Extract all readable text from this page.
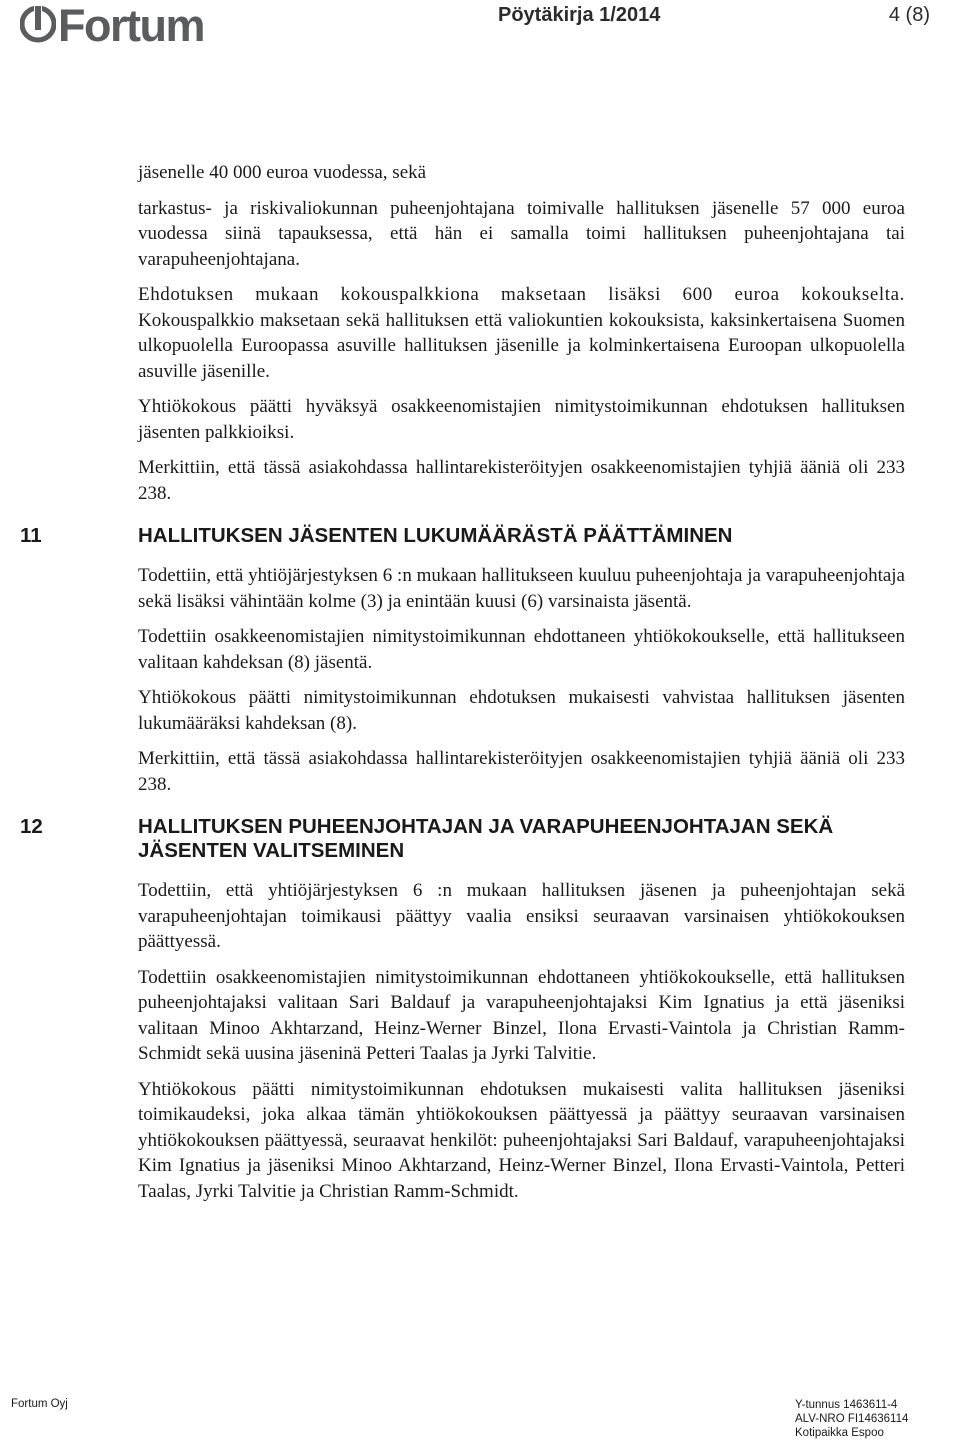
Fortum	Pöytäkirja 1/2014	4 (8)

jäsenelle 40 000 euroa vuodessa, sekä

tarkastus- ja riskivaliokunnan puheenjohtajana toimivalle hallituksen jäsenelle 57 000 euroa vuodessa siinä tapauksessa, että hän ei samalla toimi hallituksen puheenjohtajana tai varapuheenjohtajana.

Ehdotuksen mukaan kokouspalkkiona maksetaan lisäksi 600 euroa kokoukselta. Kokouspalkkio maksetaan sekä hallituksen että valiokuntien kokouksista, kaksinkertaisena Suomen ulkopuolella Euroopassa asuville hallituksen jäsenille ja kolminkertaisena Euroopan ulkopuolella asuville jäsenille.

Yhtiökokous päätti hyväksyä osakkeenomistajien nimitystoimikunnan ehdotuksen hallituksen jäsenten palkkioiksi.

Merkittiin, että tässä asiakohdassa hallintarekisteröityjen osakkeenomistajien tyhjiä ääniä oli 233 238.

11	HALLITUKSEN JÄSENTEN LUKUMÄÄRÄSTÄ PÄÄTTÄMINEN

Todettiin, että yhtiöjärjestyksen 6 :n mukaan hallitukseen kuuluu puheenjohtaja ja varapuheenjohtaja sekä lisäksi vähintään kolme (3) ja enintään kuusi (6) varsinaista jäsentä.

Todettiin osakkeenomistajien nimitystoimikunnan ehdottaneen yhtiökokoukselle, että hallitukseen valitaan kahdeksan (8) jäsentä.

Yhtiökokous päätti nimitystoimikunnan ehdotuksen mukaisesti vahvistaa hallituksen jäsenten lukumääräksi kahdeksan (8).

Merkittiin, että tässä asiakohdassa hallintarekisteröityjen osakkeenomistajien tyhjiä ääniä oli 233 238.

12	HALLITUKSEN PUHEENJOHTAJAN JA VARAPUHEENJOHTAJAN SEKÄ JÄSENTEN VALITSEMINEN

Todettiin, että yhtiöjärjestyksen 6 :n mukaan hallituksen jäsenen ja puheenjohtajan sekä varapuheenjohtajan toimikausi päättyy vaalia ensiksi seuraavan varsinaisen yhtiökokouksen päättyessä.

Todettiin osakkeenomistajien nimitystoimikunnan ehdottaneen yhtiökokoukselle, että hallituksen puheenjohtajaksi valitaan Sari Baldauf ja varapuheenjohtajaksi Kim Ignatius ja että jäseniksi valitaan Minoo Akhtarzand, Heinz-Werner Binzel, Ilona Ervasti-Vaintola ja Christian Ramm-Schmidt sekä uusina jäseninä Petteri Taalas ja Jyrki Talvitie.

Yhtiökokous päätti nimitystoimikunnan ehdotuksen mukaisesti valita hallituksen jäseniksi toimikaudeksi, joka alkaa tämän yhtiökokouksen päättyessä ja päättyy seuraavan varsinaisen yhtiökokouksen päättyessä, seuraavat henkilöt: puheenjohtajaksi Sari Baldauf, varapuheenjohtajaksi Kim Ignatius ja jäseniksi Minoo Akhtarzand, Heinz-Werner Binzel, Ilona Ervasti-Vaintola, Petteri Taalas, Jyrki Talvitie ja Christian Ramm-Schmidt.

Fortum Oyj	Y-tunnus 1463611-4
ALV-NRO FI14636114
Kotipaikka Espoo
